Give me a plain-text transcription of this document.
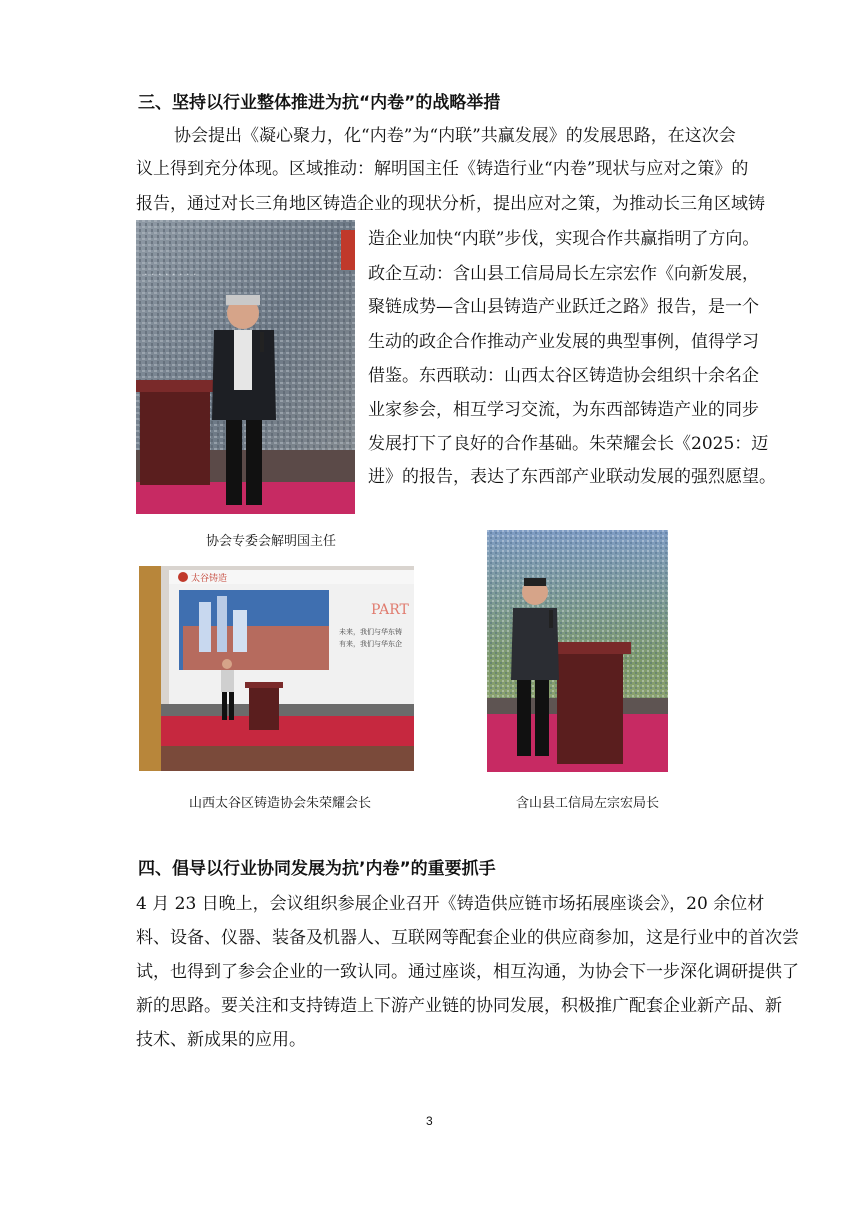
三、坚持以行业整体推进为抗“内卷”的战略举措
协会提出《凝心聚力，化“内卷”为“内联”共赢发展》的发展思路，在这次会
议上得到充分体现。区域推动：解明国主任《铸造行业“内卷”现状与应对之策》的
报告，通过对长三角地区铸造企业的现状分析，提出应对之策，为推动长三角区域铸
造企业加快“内联”步伐，实现合作共赢指明了方向。
政企互动：含山县工信局局长左宗宏作《向新发展，
聚链成势—含山县铸造产业跃迁之路》报告，是一个
生动的政企合作推动产业发展的典型事例，值得学习
借鉴。东西联动：山西太谷区铸造协会组织十余名企
业家参会，相互学习交流，为东西部铸造产业的同步
发展打下了良好的合作基础。朱荣耀会长《2025：迈
进》的报告，表达了东西部产业联动发展的强烈愿望。
· · · · · · · ·
协会专委会解明国主任
太谷铸造
PART
未来，我们与华东铸
有来，我们与华东企
山西太谷区铸造协会朱荣耀会长	含山县工信局左宗宏局长
四、倡导以行业协同发展为抗’内卷”的重要抓手
4 月 23 日晚上，会议组织参展企业召开《铸造供应链市场拓展座谈会》，20 余位材
料、设备、仪器、装备及机器人、互联网等配套企业的供应商参加，这是行业中的首次尝
试，也得到了参会企业的一致认同。通过座谈，相互沟通，为协会下一步深化调研提供了
新的思路。要关注和支持铸造上下游产业链的协同发展，积极推广配套企业新产品、新
技术、新成果的应用。
3
